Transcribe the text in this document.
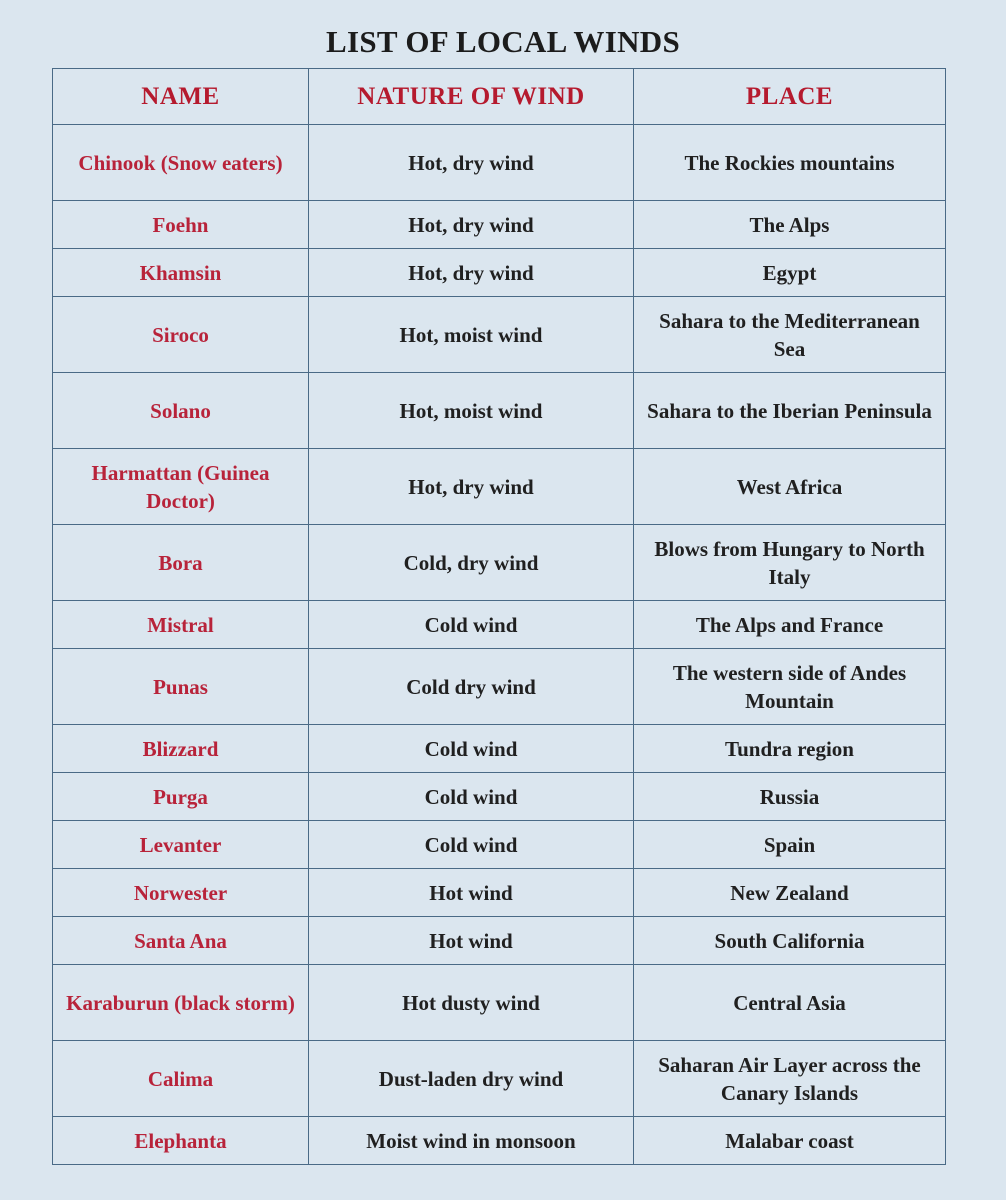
LIST OF LOCAL WINDS
NAME	NATURE OF WIND	PLACE
Chinook (Snow eaters)	Hot, dry wind	The Rockies mountains
Foehn	Hot, dry wind	The Alps
Khamsin	Hot, dry wind	Egypt
Siroco	Hot, moist wind	Sahara to the Mediterranean Sea
Solano	Hot, moist wind	Sahara to the Iberian Peninsula
Harmattan (Guinea Doctor)	Hot, dry wind	West Africa
Bora	Cold, dry wind	Blows from Hungary to North Italy
Mistral	Cold wind	The Alps and France
Punas	Cold dry wind	The western side of Andes Mountain
Blizzard	Cold wind	Tundra region
Purga	Cold wind	Russia
Levanter	Cold wind	Spain
Norwester	Hot wind	New Zealand
Santa Ana	Hot wind	South California
Karaburun (black storm)	Hot dusty wind	Central Asia
Calima	Dust-laden dry wind	Saharan Air Layer across the Canary Islands
Elephanta	Moist wind in monsoon	Malabar coast
